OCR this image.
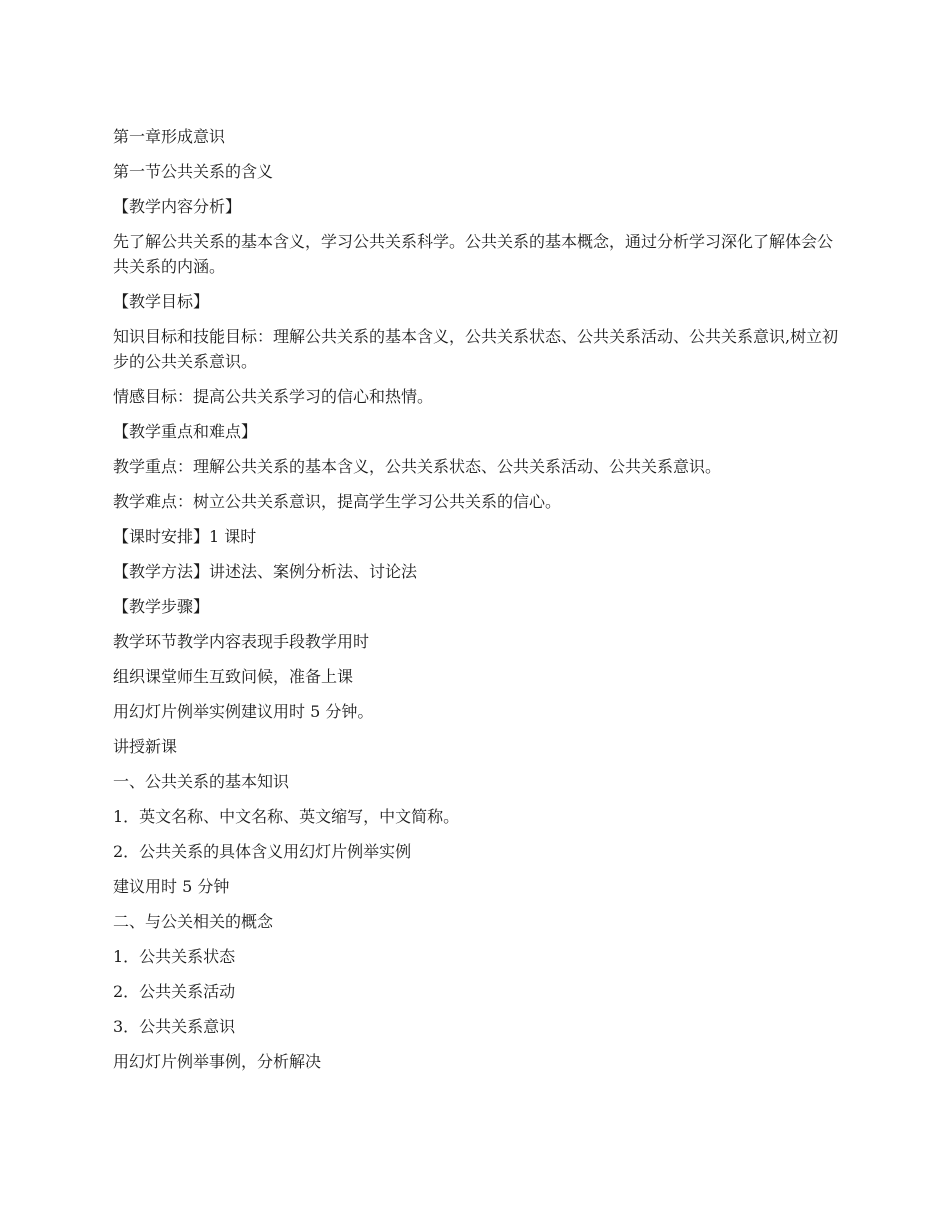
第一章形成意识

第一节公共关系的含义

【教学内容分析】

先了解公共关系的基本含义，学习公共关系科学。公共关系的基本概念，通过分析学习深化了解体会公共关系的内涵。

【教学目标】

知识目标和技能目标：理解公共关系的基本含义，公共关系状态、公共关系活动、公共关系意识,树立初步的公共关系意识。

情感目标：提高公共关系学习的信心和热情。

【教学重点和难点】

教学重点：理解公共关系的基本含义，公共关系状态、公共关系活动、公共关系意识。

教学难点：树立公共关系意识，提高学生学习公共关系的信心。

【课时安排】1 课时

【教学方法】讲述法、案例分析法、讨论法

【教学步骤】

教学环节教学内容表现手段教学用时

组织课堂师生互致问候，准备上课

用幻灯片例举实例建议用时 5 分钟。

讲授新课

一、公共关系的基本知识

1．英文名称、中文名称、英文缩写，中文简称。

2．公共关系的具体含义用幻灯片例举实例

建议用时 5 分钟

二、与公关相关的概念

1．公共关系状态

2．公共关系活动

3．公共关系意识

用幻灯片例举事例，分析解决
